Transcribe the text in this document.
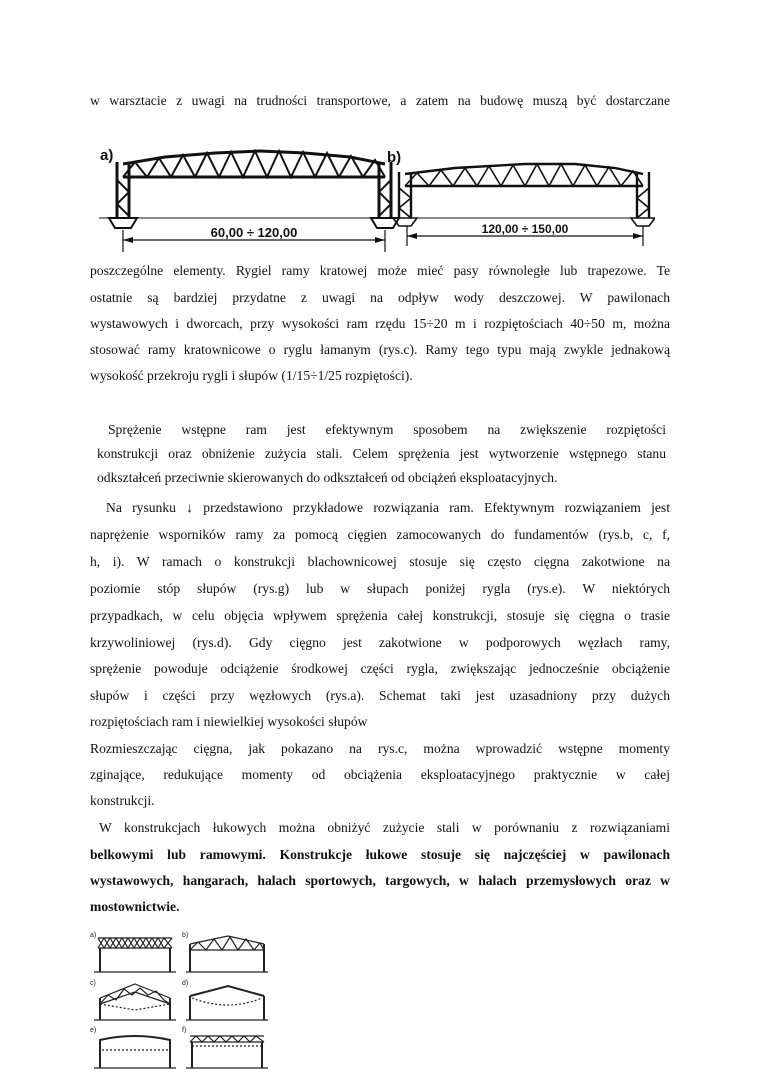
w warsztacie z uwagi na trudności transportowe, a zatem na budowę muszą być dostarczane
a)
60,00 ÷ 120,00
b)
120,00 ÷ 150,00
poszczególne elementy. Rygiel ramy kratowej może mieć pasy równoległe lub trapezowe. Te
ostatnie są bardziej przydatne z uwagi na odpływ wody deszczowej. W pawilonach
wystawowych i dworcach, przy wysokości ram rzędu 15÷20 m i rozpiętościach 40÷50 m, można
stosować ramy kratownicowe o ryglu łamanym (rys.c). Ramy tego typu mają zwykle jednakową
wysokość przekroju rygli i słupów (1/15÷1/25 rozpiętości).
Sprężenie wstępne ram jest efektywnym sposobem na zwiększenie rozpiętości
konstrukcji oraz obniżenie zużycia stali. Celem sprężenia jest wytworzenie wstępnego stanu
odkształceń przeciwnie skierowanych do odkształceń od obciążeń eksploatacyjnych.
Na rysunku ↓ przedstawiono przykładowe rozwiązania ram. Efektywnym rozwiązaniem jest
naprężenie wsporników ramy za pomocą cięgien zamocowanych do fundamentów (rys.b, c, f,
h, i). W ramach o konstrukcji blachownicowej stosuje się często cięgna zakotwione na
poziomie stóp słupów (rys.g) lub w słupach poniżej rygla (rys.e). W niektórych
przypadkach, w celu objęcia wpływem sprężenia całej konstrukcji, stosuje się cięgna o trasie
krzywoliniowej (rys.d). Gdy cięgno jest zakotwione w podporowych węzłach ramy,
sprężenie powoduje odciążenie środkowej części rygla, zwiększając jednocześnie obciążenie
słupów i części przy węzłowych (rys.a). Schemat taki jest uzasadniony przy dużych
rozpiętościach ram i niewielkiej wysokości słupów
Rozmieszczając cięgna, jak pokazano na rys.c, można wprowadzić wstępne momenty
zginające, redukujące momenty od obciążenia eksploatacyjnego praktycznie w całej
konstrukcji.
W konstrukcjach łukowych można obniżyć zużycie stali w porównaniu z rozwiązaniami
belkowymi lub ramowymi. Konstrukcje łukowe stosuje się najczęściej w pawilonach
wystawowych, hangarach, halach sportowych, targowych, w halach przemysłowych oraz w
mostownictwie.
a)	b)
c)	d)
e)	f)
